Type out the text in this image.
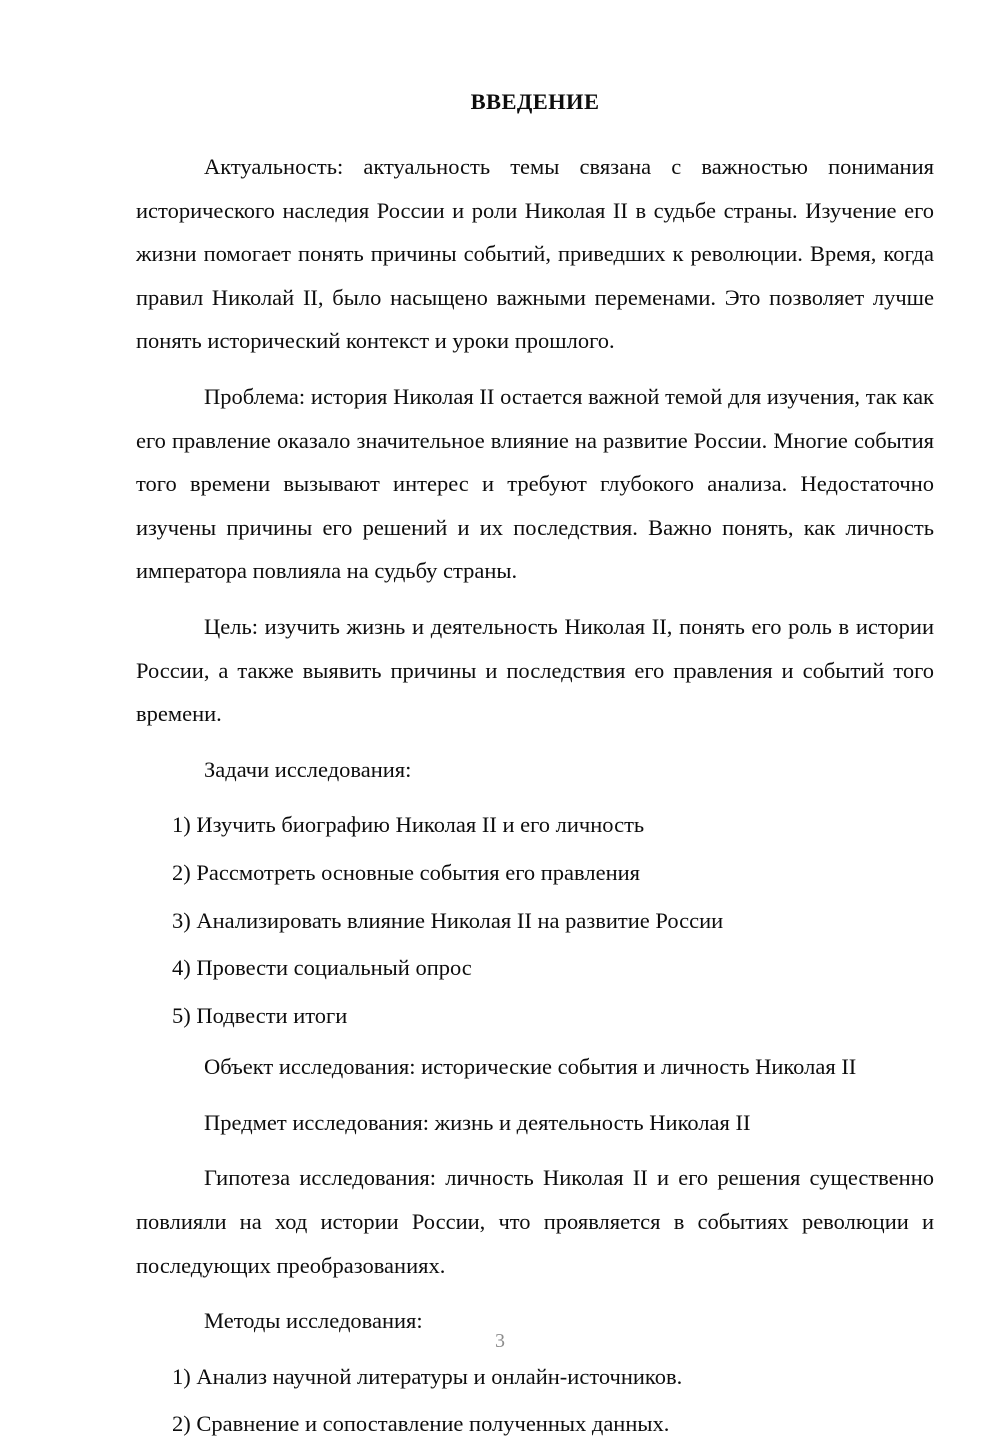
ВВЕДЕНИЕ

Актуальность: актуальность темы связана с важностью понимания исторического наследия России и роли Николая II в судьбе страны. Изучение его жизни помогает понять причины событий, приведших к революции. Время, когда правил Николай II, было насыщено важными переменами. Это позволяет лучше понять исторический контекст и уроки прошлого.

Проблема: история Николая II остается важной темой для изучения, так как его правление оказало значительное влияние на развитие России. Многие события того времени вызывают интерес и требуют глубокого анализа. Недостаточно изучены причины его решений и их последствия. Важно понять, как личность императора повлияла на судьбу страны.

Цель: изучить жизнь и деятельность Николая II, понять его роль в истории России, а также выявить причины и последствия его правления и событий того времени.

Задачи исследования:

1) Изучить биографию Николая II и его личность
2) Рассмотреть основные события его правления
3) Анализировать влияние Николая II на развитие России
4) Провести социальный опрос
5) Подвести итоги

Объект исследования: исторические события и личность Николая II

Предмет исследования: жизнь и деятельность Николая II

Гипотеза исследования: личность Николая II и его решения существенно повлияли на ход истории России, что проявляется в событиях революции и последующих преобразованиях.

Методы исследования:

1) Анализ научной литературы и онлайн-источников.
2) Сравнение и сопоставление полученных данных.
3
